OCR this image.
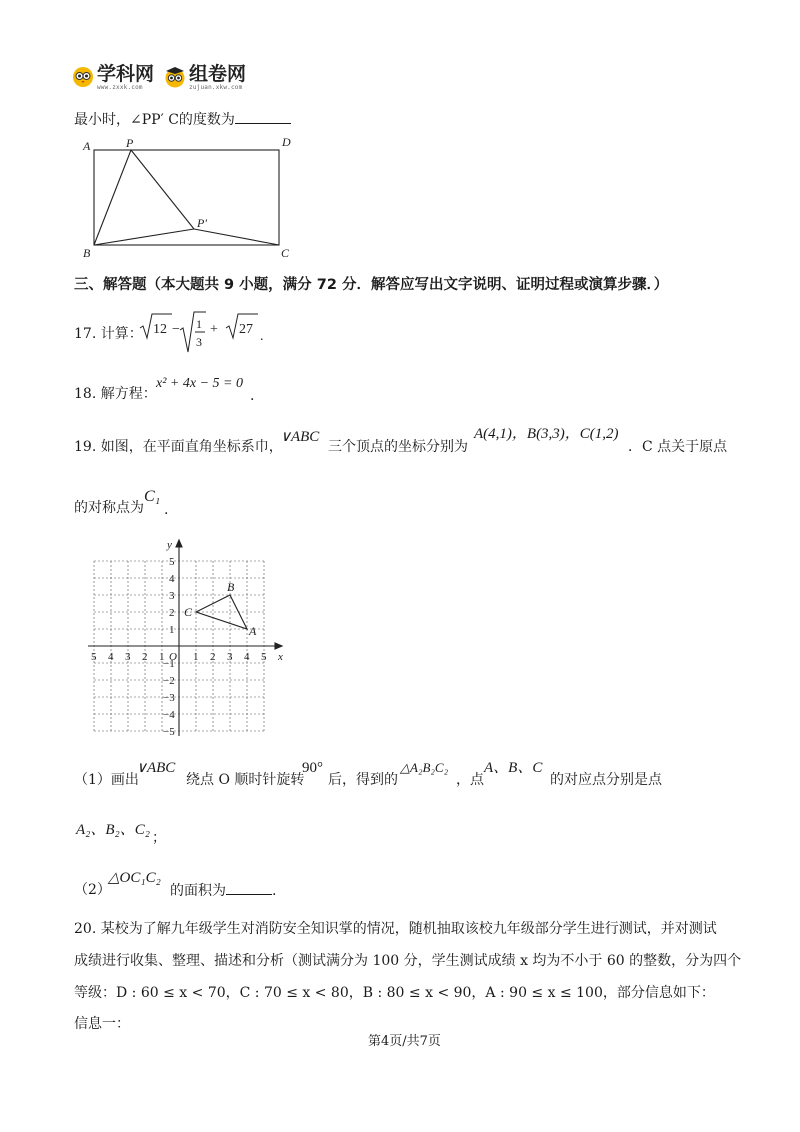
学科网
www.zxxk.com
组卷网
zujuan.xkw.com
最小时，∠PP′ C的度数为
A	P	D
P′
B	C
三、解答题（本大题共 9 小题，满分 72 分．解答应写出文字说明、证明过程或演算步骤．）
17. 计算： 12 − 1
3
+ 27 .
18. 解方程：
x² + 4x − 5 = 0
.
19. 如图，在平面直角坐标系巾，
∨ABC
三个顶点的坐标分别为
A(4,1)，B(3,3)，C(1,2)
．C 点关于原点
的对称点为
C₁
.
5 4 3 2 1	1 2 3 4 5
5
4
3
2
1
−1
−2
−3
−4
−5
O	x
y
A
B
C
（1）画出
∨ABC
绕点 O 顺时针旋转
90°
后，得到的
△A₂B₂C₂
，点
A、B、C
的对应点分别是点
A₂、B₂、C₂ ；
（2）
△OC₁C₂
的面积为	.
20. 某校为了解九年级学生对消防安全知识掌的情况，随机抽取该校九年级部分学生进行测试，并对测试
成绩进行收集、整理、描述和分析（测试满分为 100 分，学生测试成绩 x 均为不小于 60 的整数，分为四个
等级：D : 60 ≤ x < 70，C : 70 ≤ x < 80，B : 80 ≤ x < 90，A : 90 ≤ x ≤ 100，部分信息如下：
信息一：
第4页/共7页
